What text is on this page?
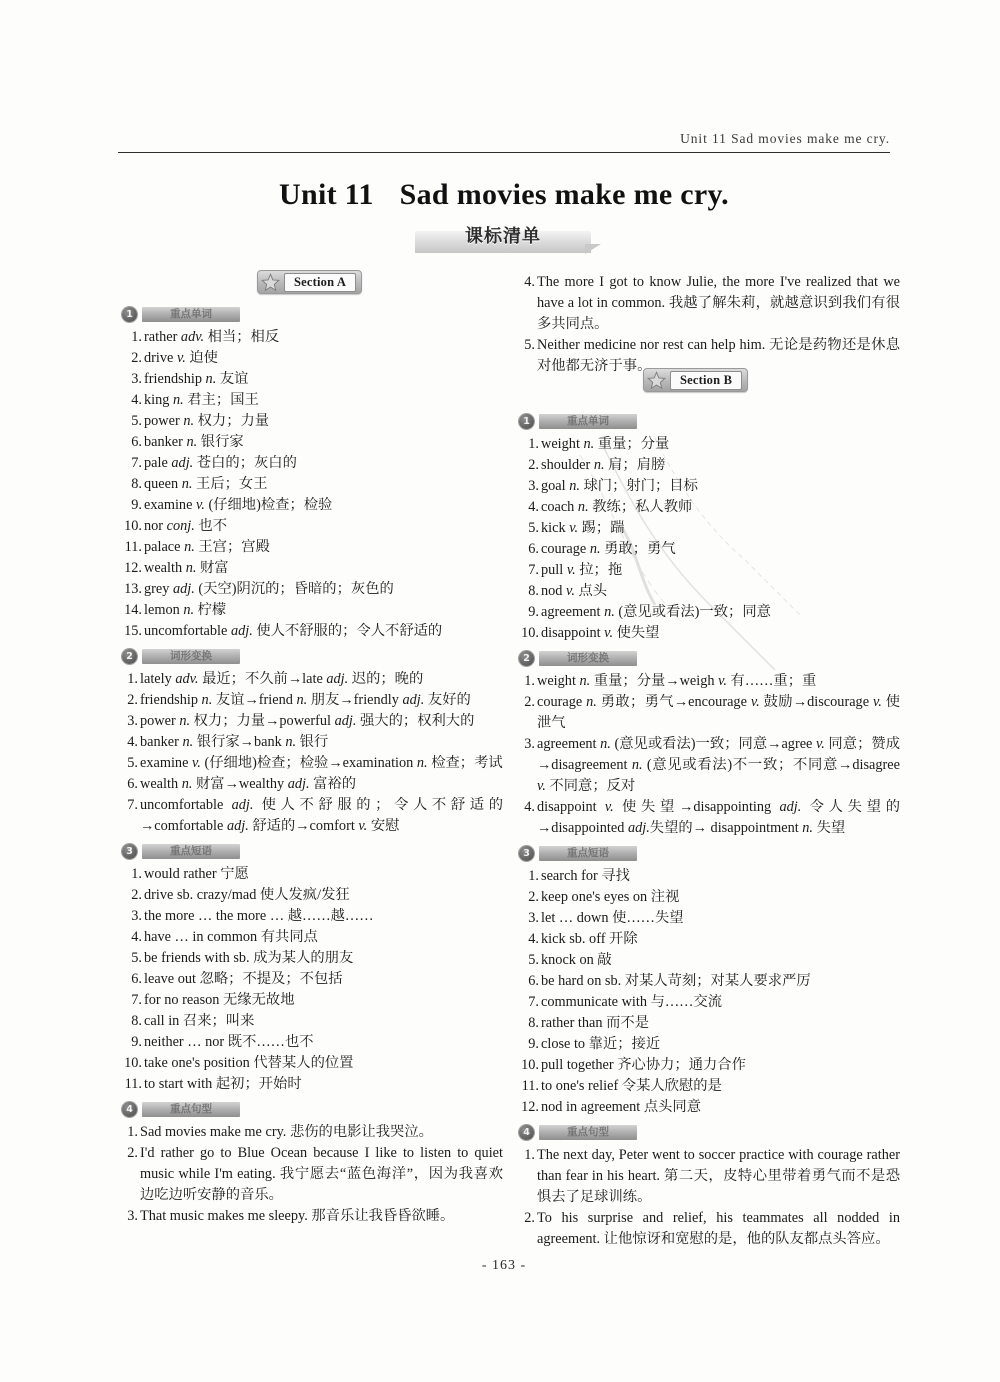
Unit 11 Sad movies make me cry.
Unit 11 Sad movies make me cry.
课标清单
Section A
Section B
1	重点单词

1. rather adv. 相当；相反

2. drive v. 迫使

3. friendship n. 友谊

4. king n. 君主；国王

5. power n. 权力；力量

6. banker n. 银行家

7. pale adj. 苍白的；灰白的

8. queen n. 王后；女王

9. examine v. (仔细地)检查；检验

10. nor conj. 也不

11. palace n. 王宫；宫殿

12. wealth n. 财富

13. grey adj. (天空)阴沉的；昏暗的；灰色的

14. lemon n. 柠檬

15. uncomfortable adj. 使人不舒服的；令人不舒适的

2	词形变换

1. lately adv. 最近；不久前→late adj. 迟的；晚的

2. friendship n. 友谊→friend n. 朋友→friendly adj. 友好的

3. power n. 权力；力量→powerful adj. 强大的；权利大的

4. banker n. 银行家→bank n. 银行

5. examine v. (仔细地)检查；检验→examination n. 检查；考试

6. wealth n. 财富→wealthy adj. 富裕的

7. uncomfortable adj. 使人不舒服的；令人不舒适的→comfortable adj. 舒适的→comfort v. 安慰

3	重点短语

1. would rather 宁愿

2. drive sb. crazy/mad 使人发疯/发狂

3. the more … the more … 越……越……

4. have … in common 有共同点

5. be friends with sb. 成为某人的朋友

6. leave out 忽略；不提及；不包括

7. for no reason 无缘无故地

8. call in 召来；叫来

9. neither … nor 既不……也不

10. take one's position 代替某人的位置

11. to start with 起初；开始时

4	重点句型

1. Sad movies make me cry. 悲伤的电影让我哭泣。

2. I'd rather go to Blue Ocean because I like to listen to quiet music while I'm eating. 我宁愿去“蓝色海洋”，因为我喜欢边吃边听安静的音乐。

3. That music makes me sleepy. 那音乐让我昏昏欲睡。

4. The more I got to know Julie, the more I've realized that we have a lot in common. 我越了解朱莉，就越意识到我们有很多共同点。

5. Neither medicine nor rest can help him. 无论是药物还是休息对他都无济于事。

1	重点单词

1. weight n. 重量；分量

2. shoulder n. 肩；肩膀

3. goal n. 球门；射门；目标

4. coach n. 教练；私人教师

5. kick v. 踢；踹

6. courage n. 勇敢；勇气

7. pull v. 拉；拖

8. nod v. 点头

9. agreement n. (意见或看法)一致；同意

10. disappoint v. 使失望

2	词形变换

1. weight n. 重量；分量→weigh v. 有……重；重

2. courage n. 勇敢；勇气→encourage v. 鼓励→discourage v. 使泄气

3. agreement n. (意见或看法)一致；同意→agree v. 同意；赞成→disagreement n. (意见或看法)不一致；不同意→disagree v. 不同意；反对

4. disappoint v. 使失望→disappointing adj. 令人失望的→disappointed adj.失望的→ disappointment n. 失望

3	重点短语

1. search for 寻找

2. keep one's eyes on 注视

3. let … down 使……失望

4. kick sb. off 开除

5. knock on 敲

6. be hard on sb. 对某人苛刻；对某人要求严厉

7. communicate with 与……交流

8. rather than 而不是

9. close to 靠近；接近

10. pull together 齐心协力；通力合作

11. to one's relief 令某人欣慰的是

12. nod in agreement 点头同意

4	重点句型

1. The next day, Peter went to soccer practice with courage rather than fear in his heart. 第二天，皮特心里带着勇气而不是恐惧去了足球训练。

2. To his surprise and relief, his teammates all nodded in agreement. 让他惊讶和宽慰的是，他的队友都点头答应。

- 163 -
